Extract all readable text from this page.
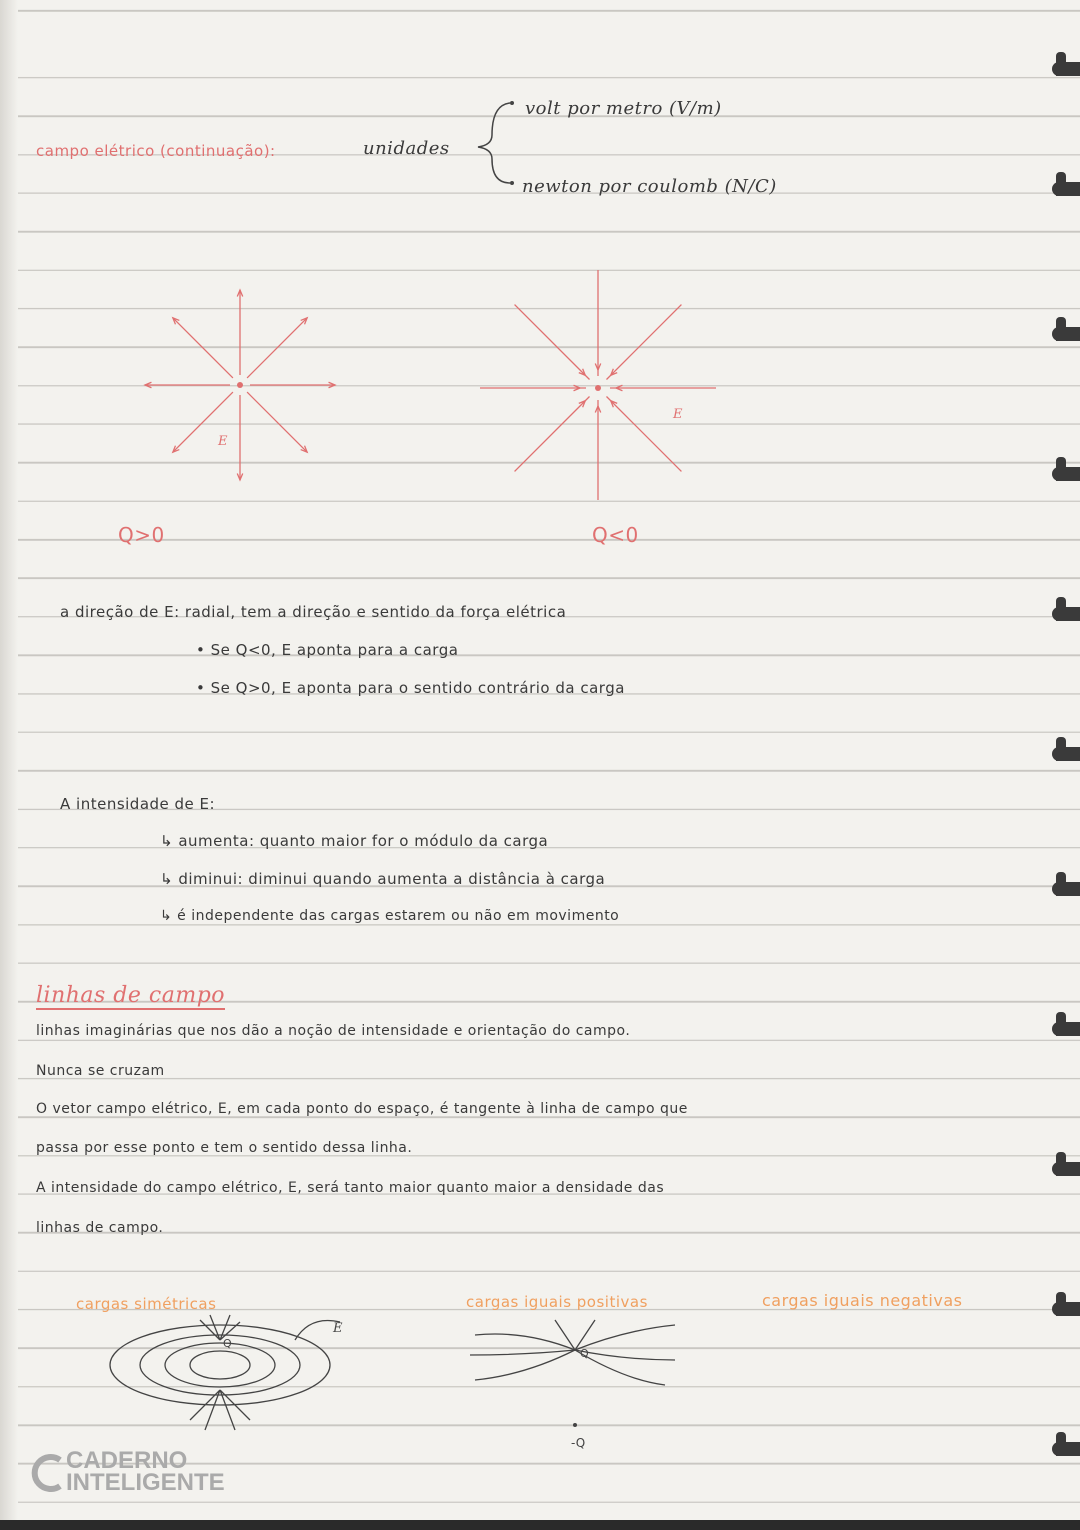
campo elétrico (continuação):	unidades
volt por metro (V/m)
newton por coulomb (N/C)
E
E
Q>0	Q<0
a direção de E: radial, tem a direção e sentido da força elétrica
• Se Q<0, E aponta para a carga
• Se Q>0, E aponta para o sentido contrário da carga
A intensidade de E:
↳ aumenta: quanto maior for o módulo da carga
↳ diminui: diminui quando aumenta a distância à carga
↳ é independente das cargas estarem ou não em movimento
linhas de campo
linhas imaginárias que nos dão a noção de intensidade e orientação do campo.
Nunca se cruzam
O vetor campo elétrico, E, em cada ponto do espaço, é tangente à linha de campo que
passa por esse ponto e tem o sentido dessa linha.
A intensidade do campo elétrico, E, será tanto maior quanto maior a densidade das
linhas de campo.
cargas simétricas	cargas iguais positivas	cargas iguais negativas
Q
E
Q
-Q
CADERNO
INTELIGENTE
